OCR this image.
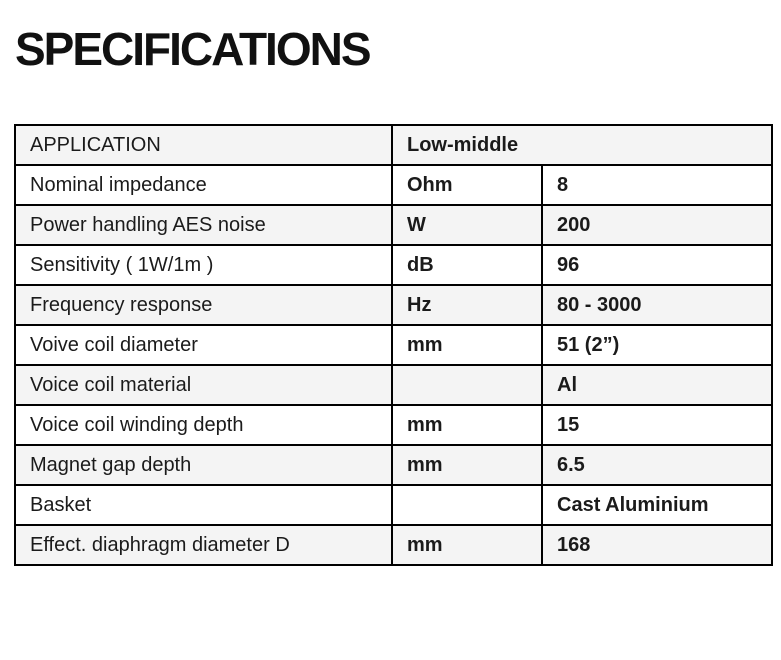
SPECIFICATIONS
APPLICATION	Low-middle	
Nominal impedance	Ohm	8
Power handling AES noise	W	200
Sensitivity ( 1W/1m )	dB	96
Frequency response	Hz	80 - 3000
Voive coil diameter	mm	51 (2”)
Voice coil material		Al
Voice coil winding depth	mm	15
Magnet gap depth	mm	6.5
Basket		Cast Aluminium
Effect. diaphragm diameter D	mm	168
